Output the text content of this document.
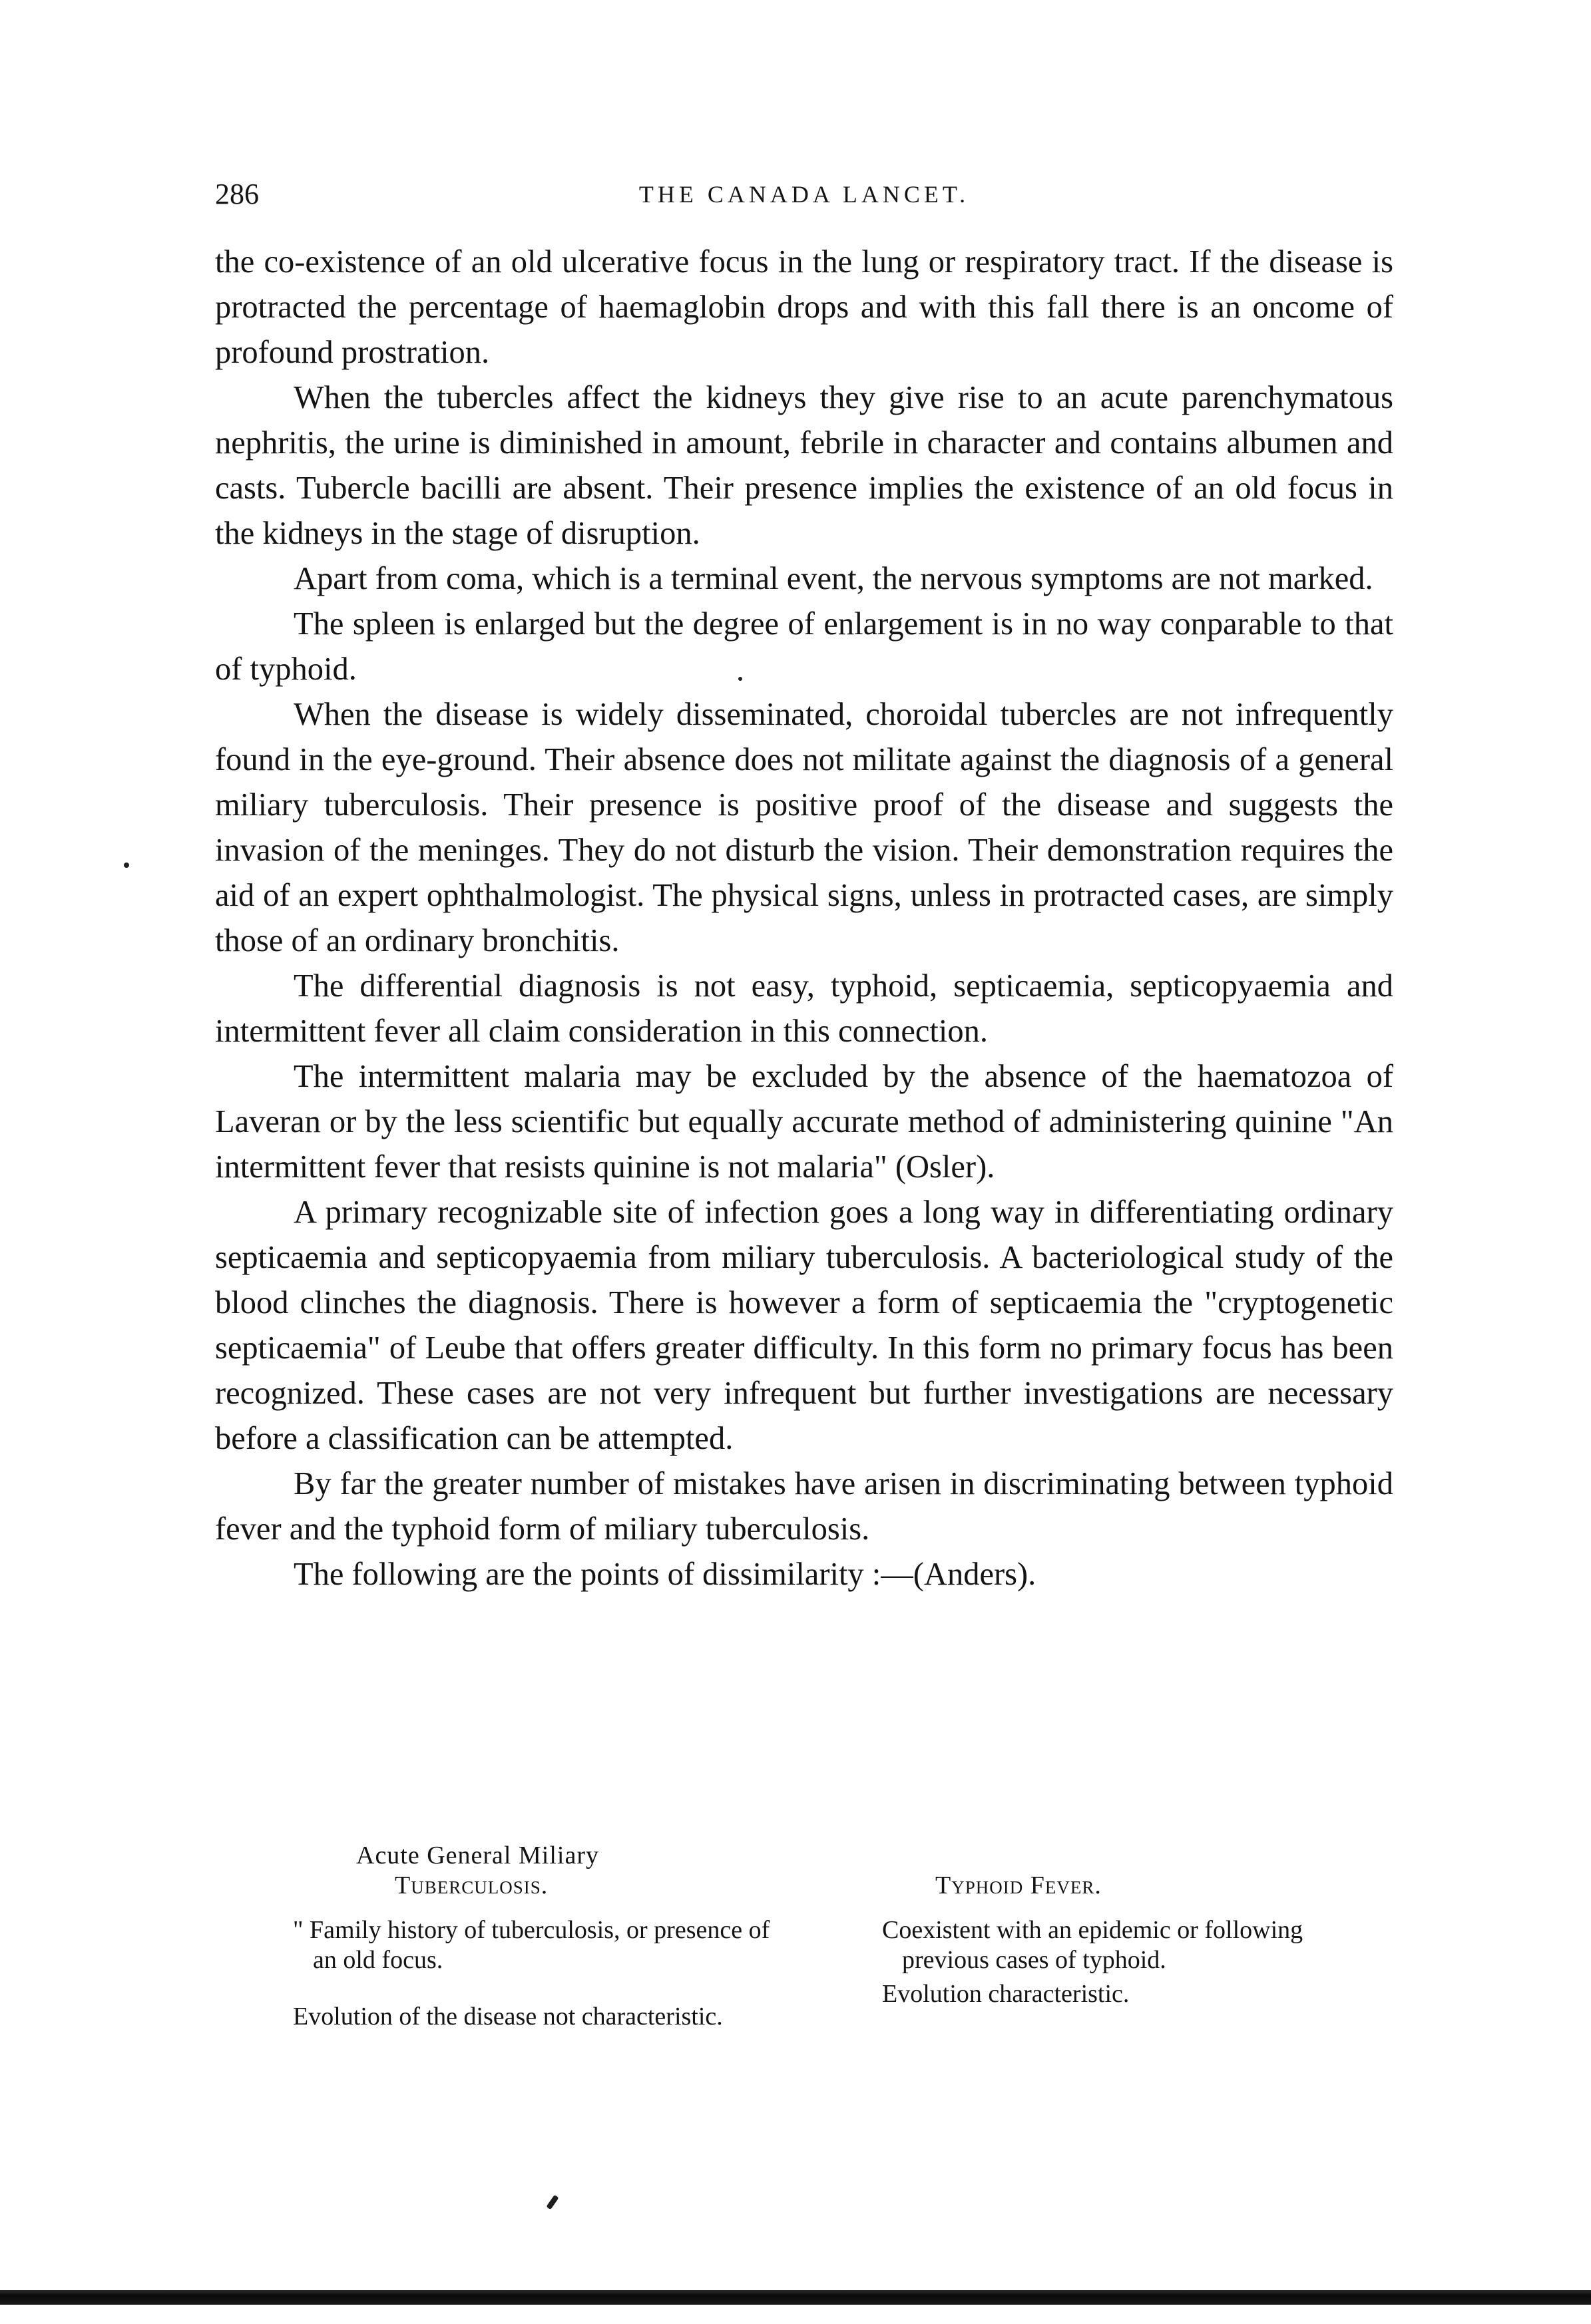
286	THE CANADA LANCET.

the co-existence of an old ulcerative focus in the lung or respiratory tract. If the disease is protracted the percentage of haemaglobin drops and with this fall there is an oncome of profound prostration.

When the tubercles affect the kidneys they give rise to an acute parenchymatous nephritis, the urine is diminished in amount, febrile in character and contains albumen and casts. Tubercle bacilli are absent. Their presence implies the existence of an old focus in the kidneys in the stage of disruption.

Apart from coma, which is a terminal event, the nervous symptoms are not marked.

The spleen is enlarged but the degree of enlargement is in no way conparable to that of typhoid.

When the disease is widely disseminated, choroidal tubercles are not infrequently found in the eye-ground. Their absence does not militate against the diagnosis of a general miliary tuberculosis. Their presence is positive proof of the disease and suggests the invasion of the meninges. They do not disturb the vision. Their demonstration requires the aid of an expert ophthalmologist. The physical signs, unless in protracted cases, are simply those of an ordinary bronchitis.

The differential diagnosis is not easy, typhoid, septicaemia, septicopyaemia and intermittent fever all claim consideration in this connection.

The intermittent malaria may be excluded by the absence of the haematozoa of Laveran or by the less scientific but equally accurate method of administering quinine "An intermittent fever that resists quinine is not malaria" (Osler).

A primary recognizable site of infection goes a long way in differentiating ordinary septicaemia and septicopyaemia from miliary tuberculosis. A bacteriological study of the blood clinches the diagnosis. There is however a form of septicaemia the "cryptogenetic septicaemia" of Leube that offers greater difficulty. In this form no primary focus has been recognized. These cases are not very infrequent but further investigations are necessary before a classification can be attempted.

By far the greater number of mistakes have arisen in discriminating between typhoid fever and the typhoid form of miliary tuberculosis.

The following are the points of dissimilarity :—(Anders).

Acute General Miliary
Tuberculosis.
" Family history of tuberculosis, or presence of an old focus.
Evolution of the disease not characteristic.
Typhoid Fever.
Coexistent with an epidemic or following previous cases of typhoid.
Evolution characteristic.
